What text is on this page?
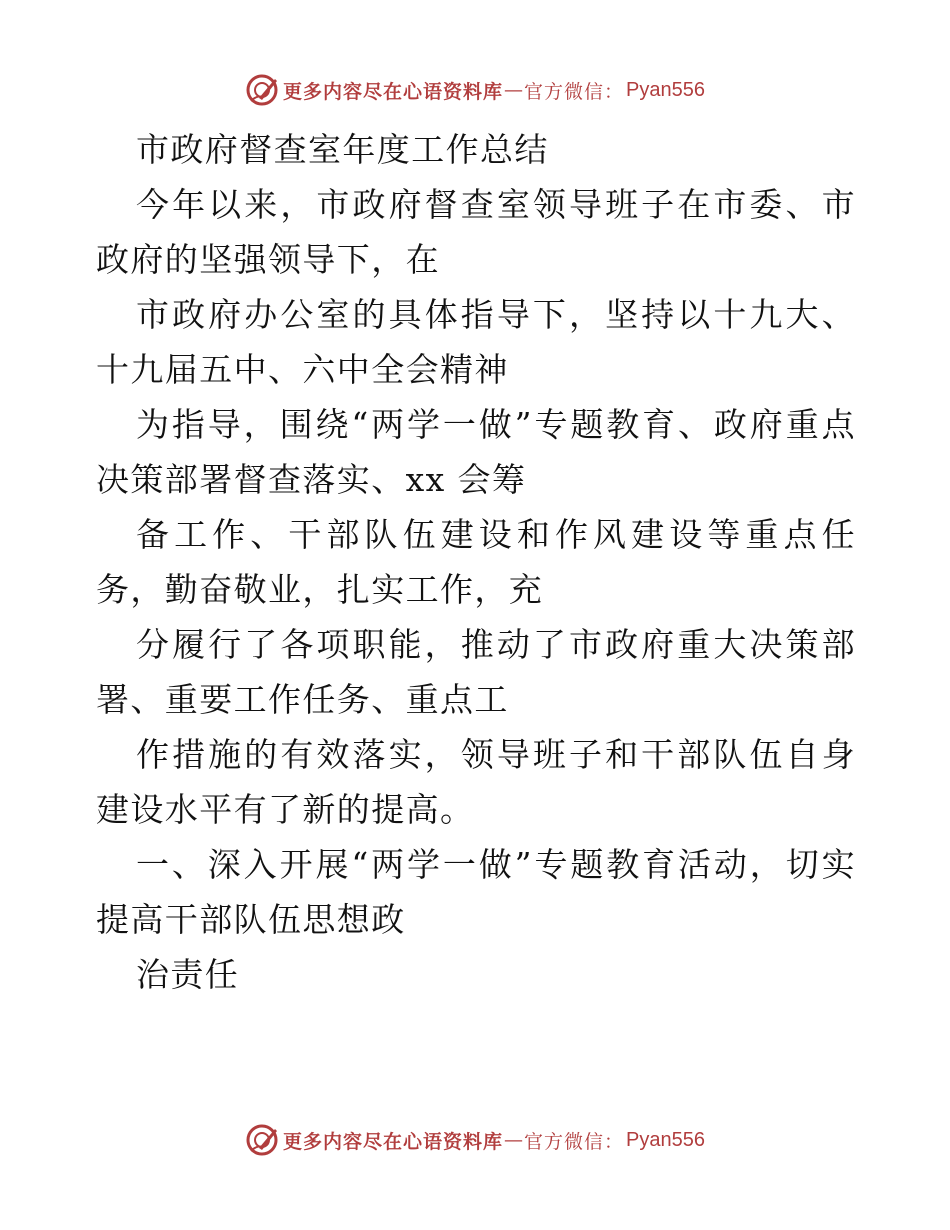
更多内容尽在心语资料库 — 官方微信： Pyan556

市政府督查室年度工作总结

今年以来，市政府督查室领导班子在市委、市政府的坚强领导下，在

市政府办公室的具体指导下，坚持以十九大、十九届五中、六中全会精神

为指导，围绕“两学一做”专题教育、政府重点决策部署督查落实、xx 会筹

备工作、干部队伍建设和作风建设等重点任务，勤奋敬业，扎实工作，充

分履行了各项职能，推动了市政府重大决策部署、重要工作任务、重点工

作措施的有效落实，领导班子和干部队伍自身建设水平有了新的提高。

一、深入开展“两学一做”专题教育活动，切实提高干部队伍思想政

治责任

更多内容尽在心语资料库 — 官方微信： Pyan556
